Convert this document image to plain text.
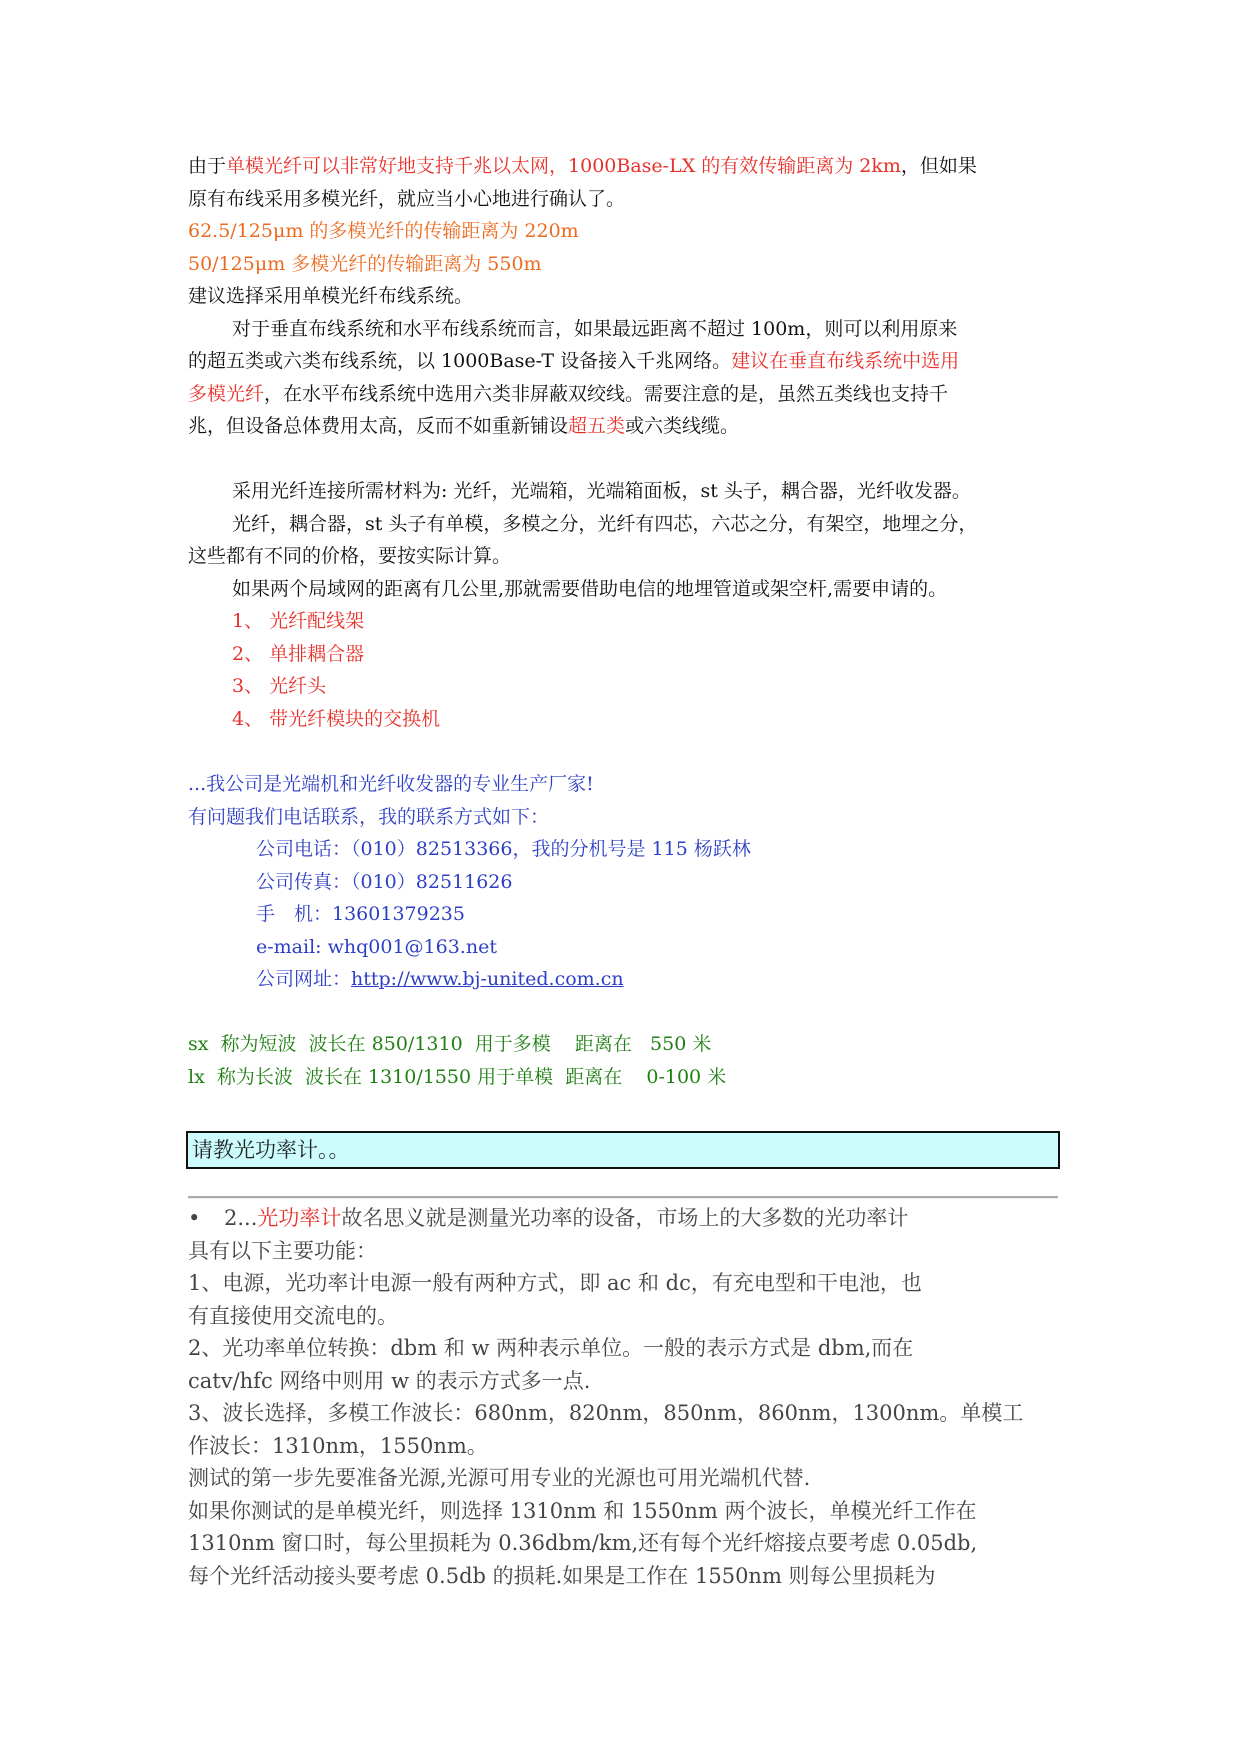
由于单模光纤可以非常好地支持千兆以太网，1000Base-LX 的有效传输距离为 2km，但如果
原有布线采用多模光纤，就应当小心地进行确认了。
62.5/125μm 的多模光纤的传输距离为 220m
50/125μm 多模光纤的传输距离为 550m
建议选择采用单模光纤布线系统。
对于垂直布线系统和水平布线系统而言，如果最远距离不超过 100m，则可以利用原来
的超五类或六类布线系统，以 1000Base-T 设备接入千兆网络。建议在垂直布线系统中选用
多模光纤，在水平布线系统中选用六类非屏蔽双绞线。需要注意的是，虽然五类线也支持千
兆，但设备总体费用太高，反而不如重新铺设超五类或六类线缆。
采用光纤连接所需材料为: 光纤，光端箱，光端箱面板，st 头子，耦合器，光纤收发器。
光纤，耦合器，st 头子有单模，多模之分，光纤有四芯，六芯之分，有架空，地埋之分，
这些都有不同的价格，要按实际计算。
如果两个局域网的距离有几公里,那就需要借助电信的地埋管道或架空杆,需要申请的。
1、 光纤配线架
2、 单排耦合器
3、 光纤头
4、 带光纤模块的交换机
...我公司是光端机和光纤收发器的专业生产厂家!
有问题我们电话联系，我的联系方式如下：
公司电话：（010）82513366，我的分机号是 115 杨跃林
公司传真：（010）82511626
手　机：13601379235
e-mail: whq001@163.net
公司网址：http://www.bj-united.com.cn
sx  称为短波  波长在 850/1310  用于多模    距离在   550 米
lx  称为长波  波长在 1310/1550 用于单模  距离在    0-100 米
请教光功率计。。
• 2...光功率计故名思义就是测量光功率的设备，市场上的大多数的光功率计
具有以下主要功能：
1、电源，光功率计电源一般有两种方式，即 ac 和 dc，有充电型和干电池，也
有直接使用交流电的。
2、光功率单位转换：dbm 和 w 两种表示单位。一般的表示方式是 dbm,而在
catv/hfc 网络中则用 w 的表示方式多一点.
3、波长选择，多模工作波长：680nm，820nm，850nm，860nm，1300nm。单模工
作波长：1310nm，1550nm。
测试的第一步先要准备光源,光源可用专业的光源也可用光端机代替.
如果你测试的是单模光纤，则选择 1310nm 和 1550nm 两个波长，单模光纤工作在
1310nm 窗口时，每公里损耗为 0.36dbm/km,还有每个光纤熔接点要考虑 0.05db,
每个光纤活动接头要考虑 0.5db 的损耗.如果是工作在 1550nm 则每公里损耗为
